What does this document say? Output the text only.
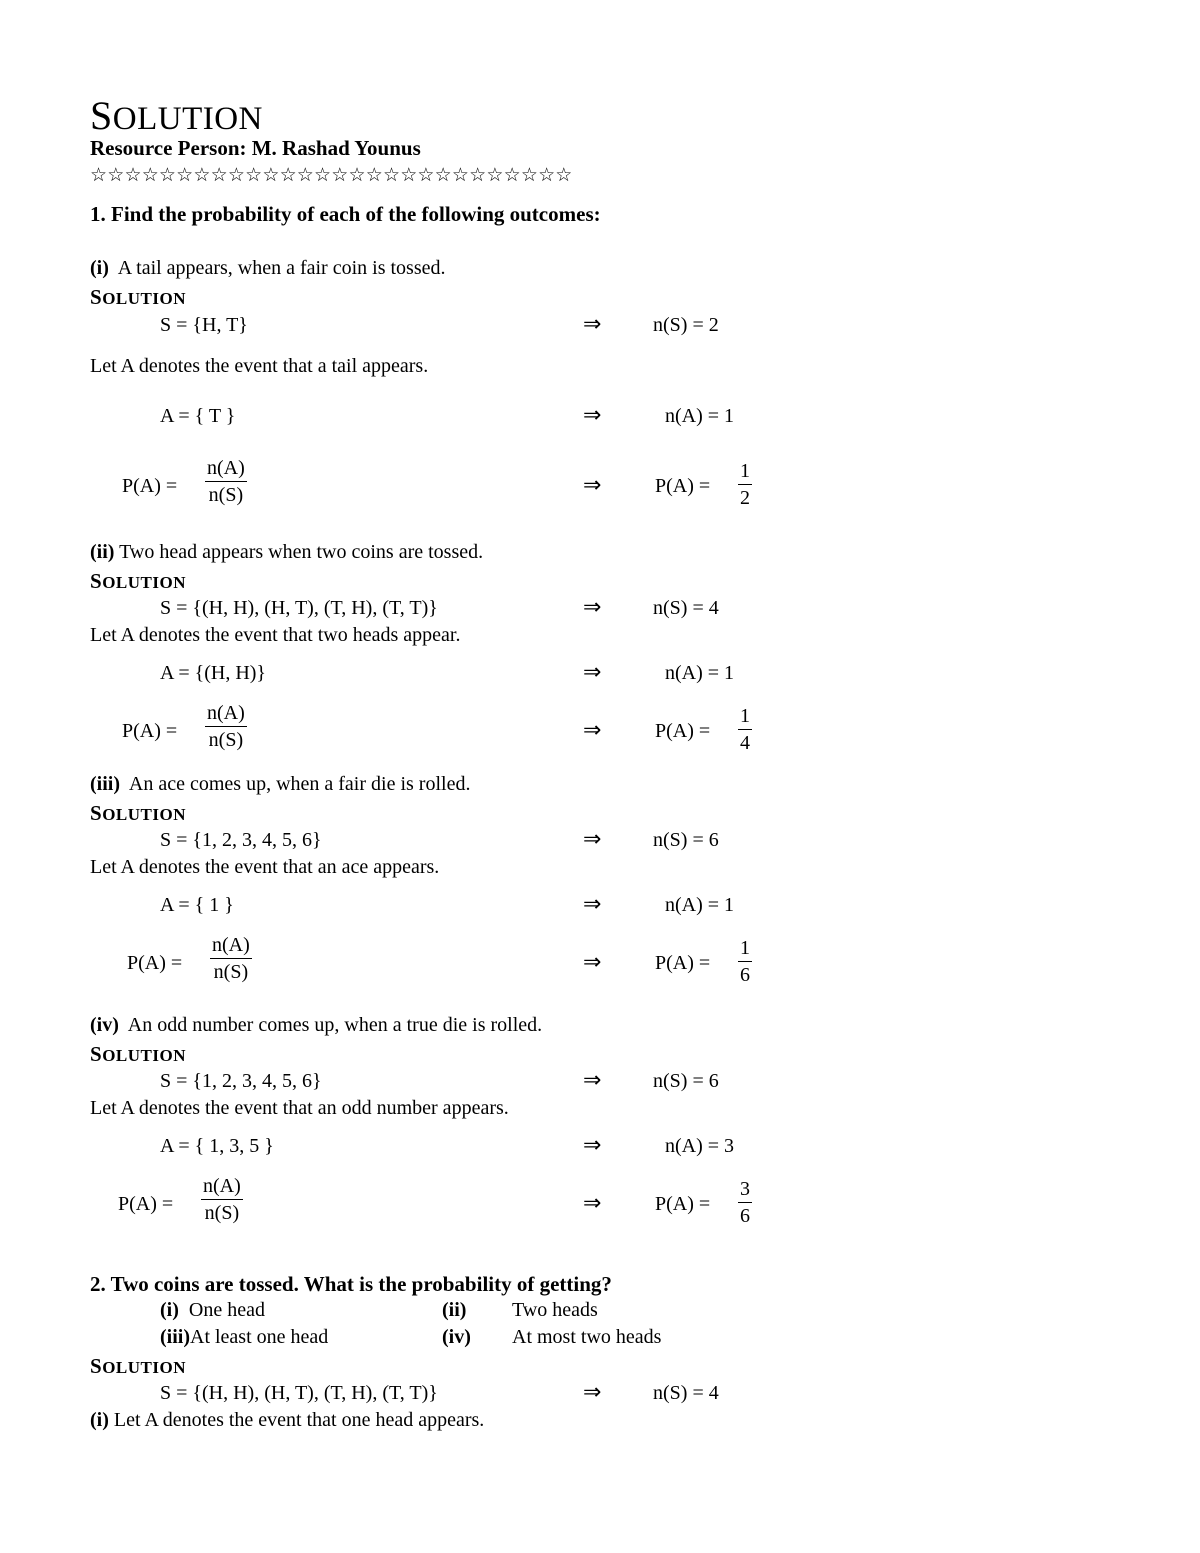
SOLUTION
Resource Person: M. Rashad Younus
☆☆☆☆☆☆☆☆☆☆☆☆☆☆☆☆☆☆☆☆☆☆☆☆☆☆☆☆
1. Find the probability of each of the following outcomes:
(i) A tail appears, when a fair coin is tossed.
SOLUTION
S = {H, T}	⇒	n(S) = 2
Let A denotes the event that a tail appears.
A = { T }	⇒	n(A) = 1
$P(A) = \frac{n(A)}{n(S)}$	⇒	$P(A) = \frac{1}{2}$
(ii) Two head appears when two coins are tossed.
SOLUTION
S = {(H, H), (H, T), (T, H), (T, T)}	⇒	n(S) = 4
Let A denotes the event that two heads appear.
A = {(H, H)}	⇒	n(A) = 1
$P(A) = \frac{n(A)}{n(S)}$	⇒	$P(A) = \frac{1}{4}$
(iii) An ace comes up, when a fair die is rolled.
SOLUTION
S = {1, 2, 3, 4, 5, 6}	⇒	n(S) = 6
Let A denotes the event that an ace appears.
A = { 1 }	⇒	n(A) = 1
$P(A) = \frac{n(A)}{n(S)}$	⇒	$P(A) = \frac{1}{6}$
(iv) An odd number comes up, when a true die is rolled.
SOLUTION
S = {1, 2, 3, 4, 5, 6}	⇒	n(S) = 6
Let A denotes the event that an odd number appears.
A = { 1, 3, 5 }	⇒	n(A) = 3
$P(A) = \frac{n(A)}{n(S)}$	⇒	$P(A) = \frac{3}{6}$
2. Two coins are tossed. What is the probability of getting?
(i) One head	(ii) Two heads
(iii)At least one head	(iv) At most two heads
SOLUTION
S = {(H, H), (H, T), (T, H), (T, T)}	⇒	n(S) = 4
(i) Let A denotes the event that one head appears.
